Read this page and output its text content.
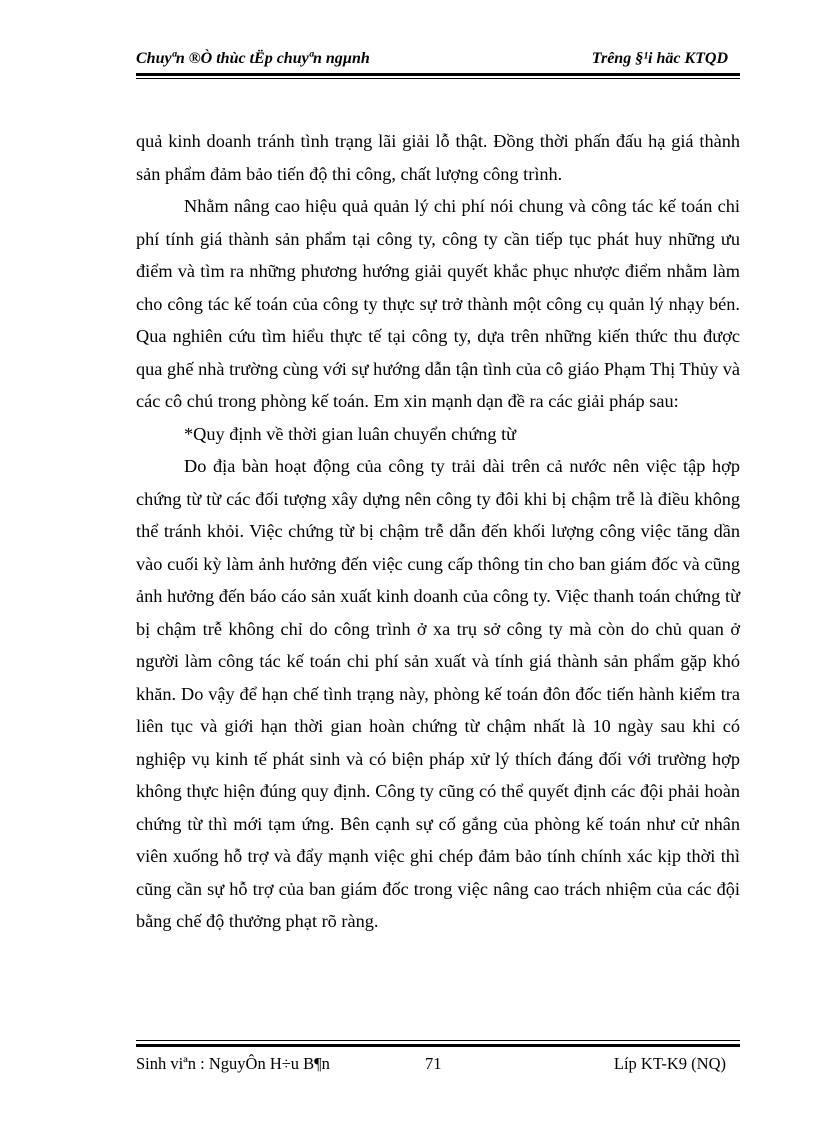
Chuyªn ®Ò thùc tËp chuyªn ngµnh	Trêng §¹i häc KTQD

quả kinh doanh tránh tình trạng lãi giải lỗ thật. Đồng thời phấn đấu hạ giá thành sản phẩm đảm bảo tiến độ thi công, chất lượng công trình.

Nhằm nâng cao hiệu quả quản lý chi phí nói chung và công tác kế toán chi phí tính giá thành sản phẩm tại công ty, công ty cần tiếp tục phát huy những ưu điểm và tìm ra những phương hướng giải quyết khắc phục nhược điểm nhằm làm cho công tác kế toán của công ty thực sự trở thành một công cụ quản lý nhạy bén. Qua nghiên cứu tìm hiểu thực tế tại công ty, dựa trên những kiến thức thu được qua ghế nhà trường cùng với sự hướng dẫn tận tình của cô giáo Phạm Thị Thủy và các cô chú trong phòng kế toán. Em xin mạnh dạn đề ra các giải pháp sau:

*Quy định về thời gian luân chuyển chứng từ

Do địa bàn hoạt động của công ty trải dài trên cả nước nên việc tập hợp chứng từ từ các đối tượng xây dựng nên công ty đôi khi bị chậm trễ là điều không thể tránh khỏi. Việc chứng từ bị chậm trễ dẫn đến khối lượng công việc tăng dần vào cuối kỳ làm ảnh hưởng đến việc cung cấp thông tin cho ban giám đốc và cũng ảnh hưởng đến báo cáo sản xuất kinh doanh của công ty. Việc thanh toán chứng từ bị chậm trễ không chỉ do công trình ở xa trụ sở công ty mà còn do chủ quan ở người làm công tác kế toán chi phí sản xuất và tính giá thành sản phẩm gặp khó khăn. Do vậy để hạn chế tình trạng này, phòng kế toán đôn đốc tiến hành kiểm tra liên tục và giới hạn thời gian hoàn chứng từ chậm nhất là 10 ngày sau khi có nghiệp vụ kinh tế phát sinh và có biện pháp xử lý thích đáng đối với trường hợp không thực hiện đúng quy định. Công ty cũng có thể quyết định các đội phải hoàn chứng từ thì mới tạm ứng. Bên cạnh sự cố gắng của phòng kế toán như cử nhân viên xuống hỗ trợ và đẩy mạnh việc ghi chép đảm bảo tính chính xác kịp thời thì cũng cần sự hỗ trợ của ban giám đốc trong việc nâng cao trách nhiệm của các đội bằng chế độ thưởng phạt rõ ràng.

Sinh viªn : NguyÔn H÷u B¶n	71	Líp KT-K9 (NQ)
